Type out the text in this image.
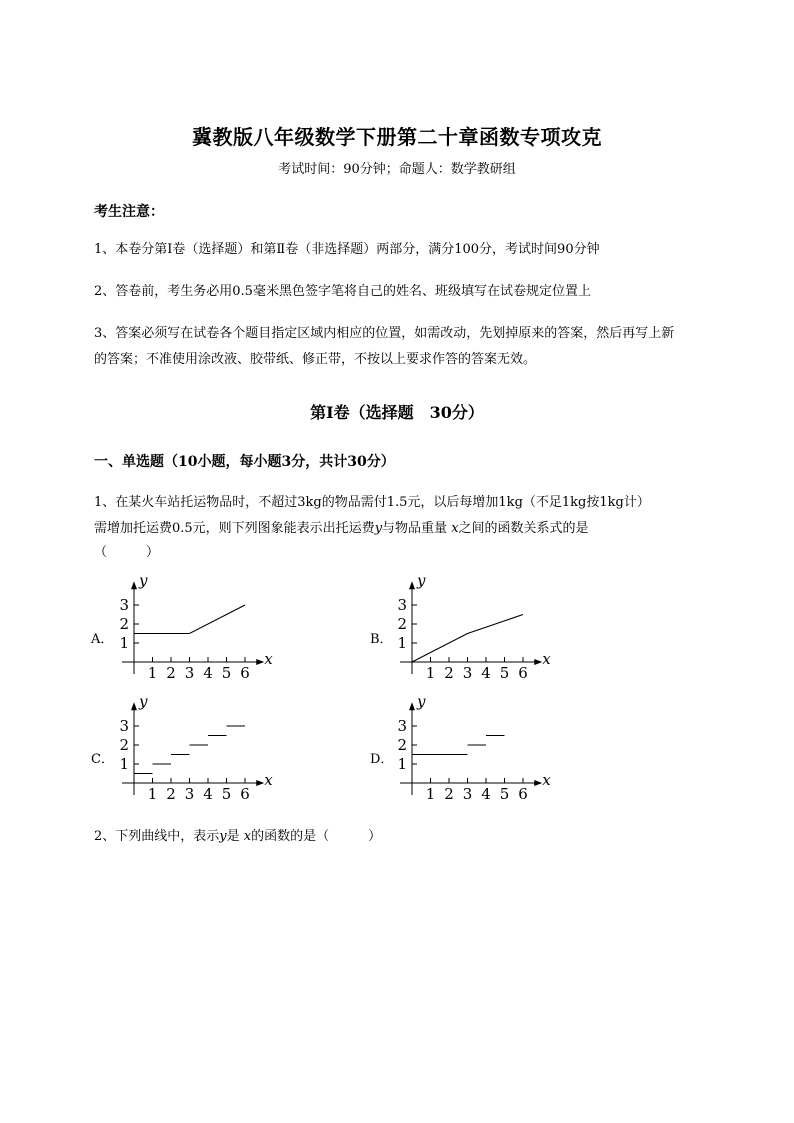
冀教版八年级数学下册第二十章函数专项攻克
考试时间：90分钟；命题人：数学教研组
考生注意：
1、本卷分第I卷（选择题）和第Ⅱ卷（非选择题）两部分，满分100分，考试时间90分钟
2、答卷前，考生务必用0.5毫米黑色签字笔将自己的姓名、班级填写在试卷规定位置上
3、答案必须写在试卷各个题目指定区域内相应的位置，如需改动，先划掉原来的答案，然后再写上新
的答案；不准使用涂改液、胶带纸、修正带，不按以上要求作答的答案无效。
第I卷（选择题　30分）
一、单选题（10小题，每小题3分，共计30分）
1、在某火车站托运物品时，不超过3kg的物品需付1.5元，以后每增加1kg（不足1kg按1kg计）
需增加托运费0.5元，则下列图象能表示出托运费y与物品重量 x之间的函数关系式的是
（　　　）
A．	B．
C．	D．
x
y
1 2 3 4 5 6
1
2
3
x
y
1 2 3 4 5 6
1
2
3
x
y
1 2 3 4 5 6
1
2
3
x
y
1 2 3 4 5 6
1
2
3
2、下列曲线中，表示y是 x的函数的是（　　　）
